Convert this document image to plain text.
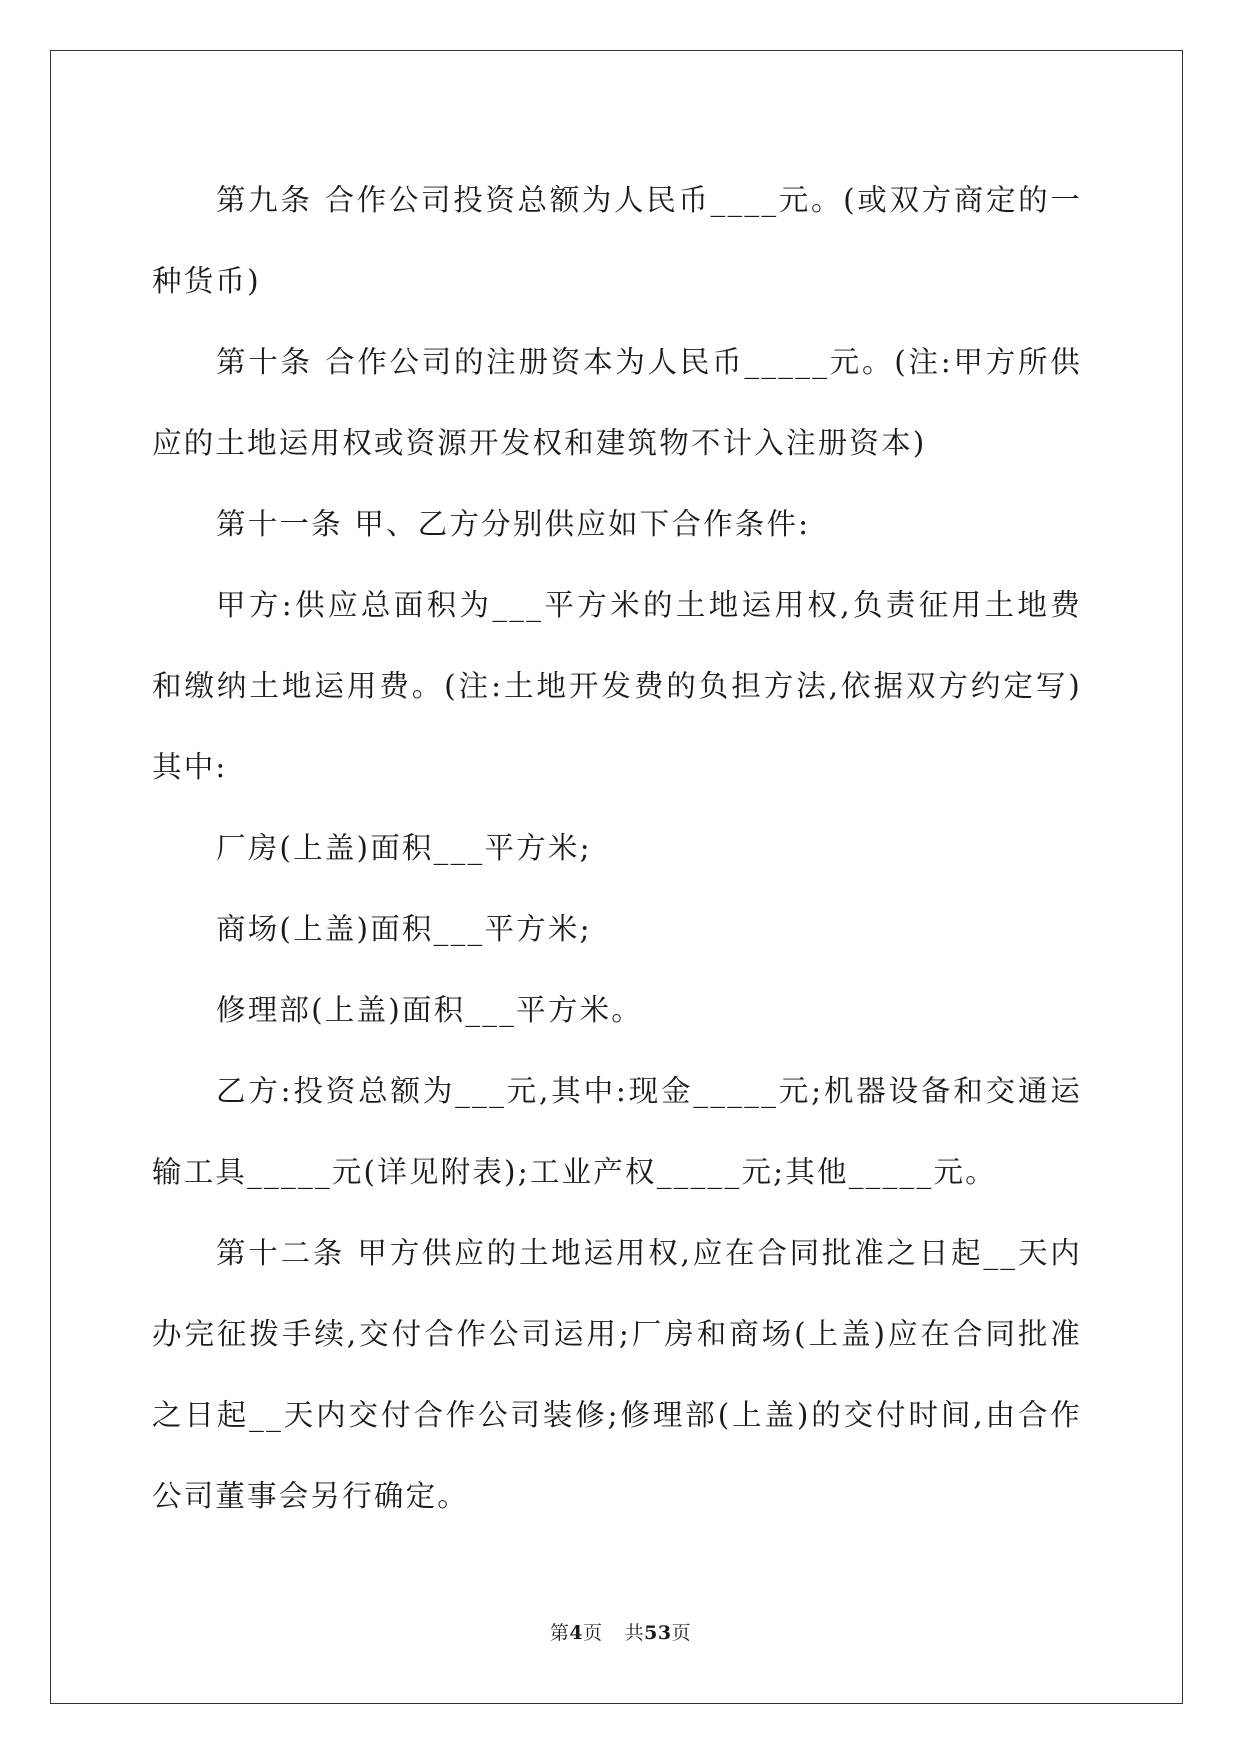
第九条 合作公司投资总额为人民币____元。(或双方商定的一种货币)

第十条 合作公司的注册资本为人民币_____元。(注:甲方所供应的土地运用权或资源开发权和建筑物不计入注册资本)

第十一条 甲、乙方分别供应如下合作条件:

甲方:供应总面积为___平方米的土地运用权,负责征用土地费和缴纳土地运用费。(注:土地开发费的负担方法,依据双方约定写)其中:

厂房(上盖)面积___平方米;

商场(上盖)面积___平方米;

修理部(上盖)面积___平方米。

乙方:投资总额为___元,其中:现金_____元;机器设备和交通运输工具_____元(详见附表);工业产权_____元;其他_____元。

第十二条 甲方供应的土地运用权,应在合同批准之日起__天内办完征拨手续,交付合作公司运用;厂房和商场(上盖)应在合同批准之日起__天内交付合作公司装修;修理部(上盖)的交付时间,由合作公司董事会另行确定。

第4页 共53页
